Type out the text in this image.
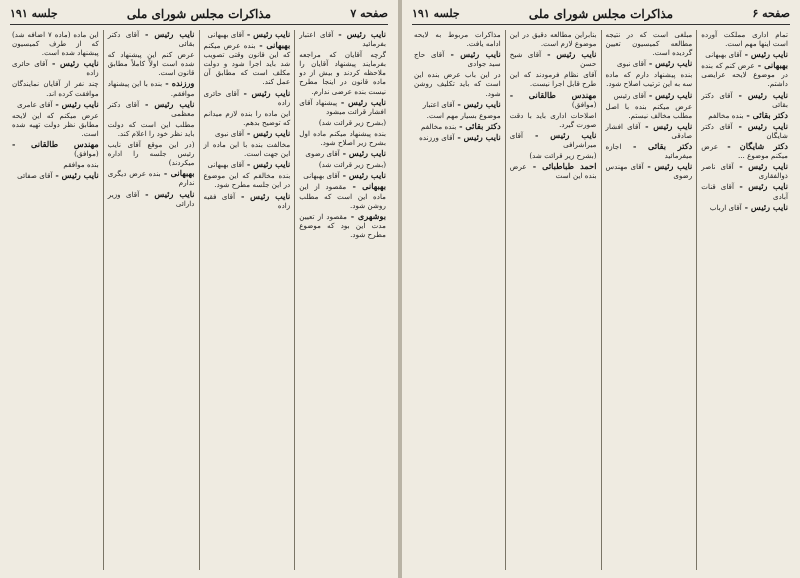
صفحه ۷
مذاکرات مجلس شورای ملی
جلسه ۱۹۱

نایب رئیس - آقای اعتبار بفرمائید

گرچه آقایان که مراجعه بفرمایند پیشنهاد آقایان را ملاحظه کردند و بیش از دو ماده قانون در اینجا مطرح نیست بنده عرضی ندارم.

نایب رئیس - پیشنهاد آقای افشار قرائت میشود

(بشرح زیر قرائت شد)

بنده پیشنهاد میکنم ماده اول بشرح زیر اصلاح شود.

نایب رئیس - آقای رضوی

(بشرح زیر قرائت شد)

نایب رئیس - آقای بهبهانی

بهبهانی - مقصود از این ماده این است که مطلب روشن شود.

بوشهری - مقصود از تعیین مدت این بود که موضوع مطرح شود.

نایب رئیس - آقای بهبهانی

بهبهانی - بنده عرض میکنم که این قانون وقتی تصویب شد باید اجرا شود و دولت مکلف است که مطابق آن عمل کند.

نایب رئیس - آقای حائری زاده

این ماده را بنده لازم میدانم که توضیح بدهم.

نایب رئیس - آقای نبوی

مخالفت بنده با این ماده از این جهت است.

نایب رئیس - آقای بهبهانی

بنده مخالفم که این موضوع در این جلسه مطرح شود.

نایب رئیس - آقای فقیه زاده

نایب رئیس - آقای دکتر بقائی

عرض کنم این پیشنهاد که شده است اولاً کاملاً مطابق قانون است.

ورزنده - بنده با این پیشنهاد موافقم.

نایب رئیس - آقای دکتر معظمی

مطلب این است که دولت باید نظر خود را اعلام کند.

(در این موقع آقای نایب رئیس جلسه را اداره میکردند)

بهبهانی - بنده عرض دیگری ندارم

نایب رئیس - آقای وزیر دارائی

این ماده (ماده ۷ اضافه شد) که از طرف کمیسیون پیشنهاد شده است.

نایب رئیس - آقای حائری زاده

چند نفر از آقایان نمایندگان موافقت کرده اند.

نایب رئیس - آقای عامری

عرض میکنم که این لایحه مطابق نظر دولت تهیه شده است.

مهندس طالقانی - (موافق)

بنده موافقم

نایب رئیس - آقای صفائی

صفحه ۶
مذاکرات مجلس شورای ملی
جلسه ۱۹۱

تمام اداری مملکت آورده است اینها مهم است.

نایب رئیس - آقای بهبهانی

بهبهانی - عرض کنم که بنده در موضوع لایحه عرایضی داشتم.

نایب رئیس - آقای دکتر بقائی

دکتر بقائی - بنده مخالفم

نایب رئیس - آقای دکتر شایگان

دکتر شایگان - عرض میکنم موضوع ...

نایب رئیس - آقای ناصر ذوالفقاری

نایب رئیس - آقای قنات آبادی

نایب رئیس - آقای ارباب

مبلغی است که در نتیجه مطالعه کمیسیون تعیین گردیده است.

نایب رئیس - آقای نبوی

بنده پیشنهاد دارم که ماده سه به این ترتیب اصلاح شود.

نایب رئیس - آقای رئیس

عرض میکنم بنده با اصل مطلب مخالف نیستم.

نایب رئیس - آقای افشار صادقی

دکتر بقائی - اجازه میفرمائید

نایب رئیس - آقای مهندس رضوی

بنابراین مطالعه دقیق در این موضوع لازم است.

نایب رئیس - آقای شیخ حسن

آقای نظام فرمودند که این طرح قابل اجرا نیست.

مهندس طالقانی - (موافق)

اصلاحات اداری باید با دقت صورت گیرد.

نایب رئیس - آقای میراشرافی

(بشرح زیر قرائت شد)

احمد طباطبائی - عرض بنده این است

مذاکرات مربوط به لایحه ادامه یافت.

نایب رئیس - آقای حاج سید جوادی

در این باب عرض بنده این است که باید تکلیف روشن شود.

نایب رئیس - آقای اعتبار

موضوع بسیار مهم است.

دکتر بقائی - بنده مخالفم

نایب رئیس - آقای ورزنده
